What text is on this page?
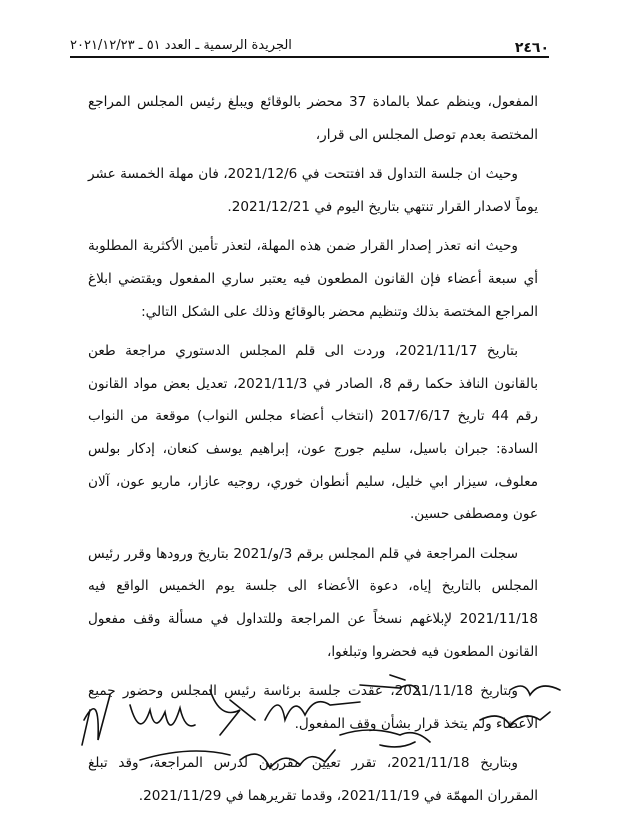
٢٤٦٠
الجريدة الرسمية ـ العدد ٥١ ـ ٢٠٢١/١٢/٢٣

المفعول، وينظم عملا بالمادة 37 محضر بالوقائع ويبلغ رئيس المجلس المراجع المختصة بعدم توصل المجلس الى قرار،

وحيث ان جلسة التداول قد افتتحت في 2021/12/6، فان مهلة الخمسة عشر يوماً لاصدار القرار تنتهي بتاريخ اليوم في 2021/12/21.

وحيث انه تعذر إصدار القرار ضمن هذه المهلة، لتعذر تأمين الأكثرية المطلوبة أي سبعة أعضاء فإن القانون المطعون فيه يعتبر ساري المفعول ويقتضي ابلاغ المراجع المختصة بذلك وتنظيم محضر بالوقائع وذلك على الشكل التالي:

بتاريخ 2021/11/17، وردت الى قلم المجلس الدستوري مراجعة طعن بالقانون النافذ حكما رقم 8، الصادر في 2021/11/3، تعديل بعض مواد القانون رقم 44 تاريخ 2017/6/17 (انتخاب أعضاء مجلس النواب) موقعة من النواب السادة: جبران باسيل، سليم جورج عون، إبراهيم يوسف كنعان، إدكار بولس معلوف، سيزار ابي خليل، سليم أنطوان خوري، روجيه عازار، ماريو عون، آلان عون ومصطفى حسين.

سجلت المراجعة في قلم المجلس برقم 3/و/2021 بتاريخ ورودها وقرر رئيس المجلس بالتاريخ إياه، دعوة الأعضاء الى جلسة يوم الخميس الواقع فيه 2021/11/18 لإبلاغهم نسخاً عن المراجعة وللتداول في مسألة وقف مفعول القانون المطعون فيه فحضروا وتبلغوا،

وبتاريخ 2021/11/18، عقدت جلسة برئاسة رئيس المجلس وحضور جميع الأعضاء ولم يتخذ قرار بشأن وقف المفعول.

وبتاريخ 2021/11/18، تقرر تعيين مقررين لدرس المراجعة، وقد تبلغ المقرران المهمّة في 2021/11/19، وقدما تقريرهما في 2021/11/29.
